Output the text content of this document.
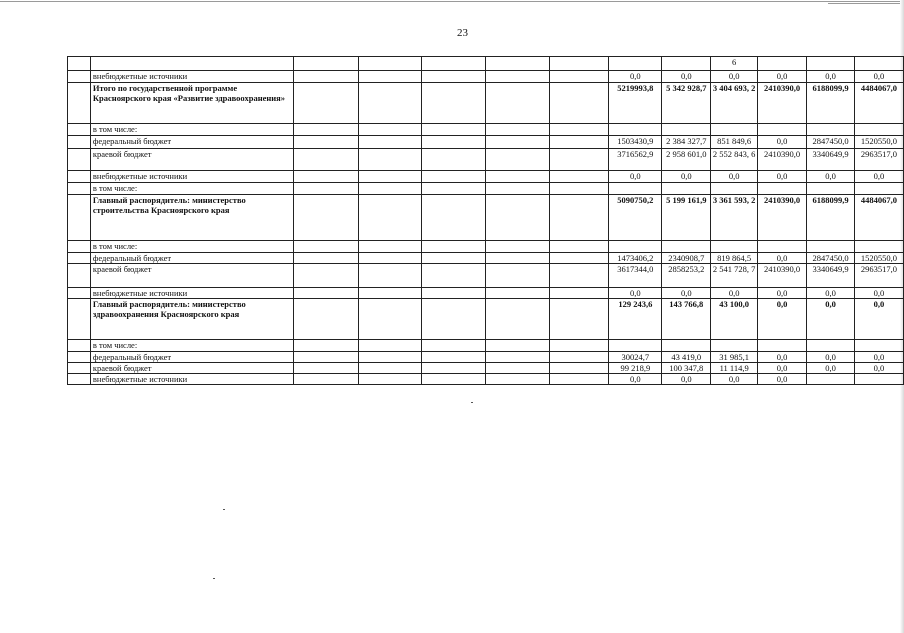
23
									6			
	внебюджетные источники						0,0	0,0	0,0	0,0	0,0	0,0
	Итого по государственной программе Красноярского края «Развитие здравоохранения»						5219993,8	5 342 928,7	3 404 693, 2	2410390,0	6188099,9	4484067,0
	в том числе:											
	федеральный бюджет						1503430,9	2 384 327,7	851 849,6	0,0	2847450,0	1520550,0
	краевой бюджет						3716562,9	2 958 601,0	2 552 843, 6	2410390,0	3340649,9	2963517,0
	внебюджетные источники						0,0	0,0	0,0	0,0	0,0	0,0
	в том числе:											
	Главный распорядитель: министерство строительства Красноярского края						5090750,2	5 199 161,9	3 361 593, 2	2410390,0	6188099,9	4484067,0
	в том числе:											
	федеральный бюджет						1473406,2	2340908,7	819 864,5	0,0	2847450,0	1520550,0
	краевой бюджет						3617344,0	2858253,2	2 541 728, 7	2410390,0	3340649,9	2963517,0
	внебюджетные источники						0,0	0,0	0,0	0,0	0,0	0,0
	Главный распорядитель: министерство здравоохранения Красноярского края						129 243,6	143 766,8	43 100,0	0,0	0,0	0,0
	в том числе:											
	федеральный бюджет						30024,7	43 419,0	31 985,1	0,0	0,0	0,0
	краевой бюджет						99 218,9	100 347,8	11 114,9	0,0	0,0	0,0
	внебюджетные источники						0,0	0,0	0,0	0,0		
